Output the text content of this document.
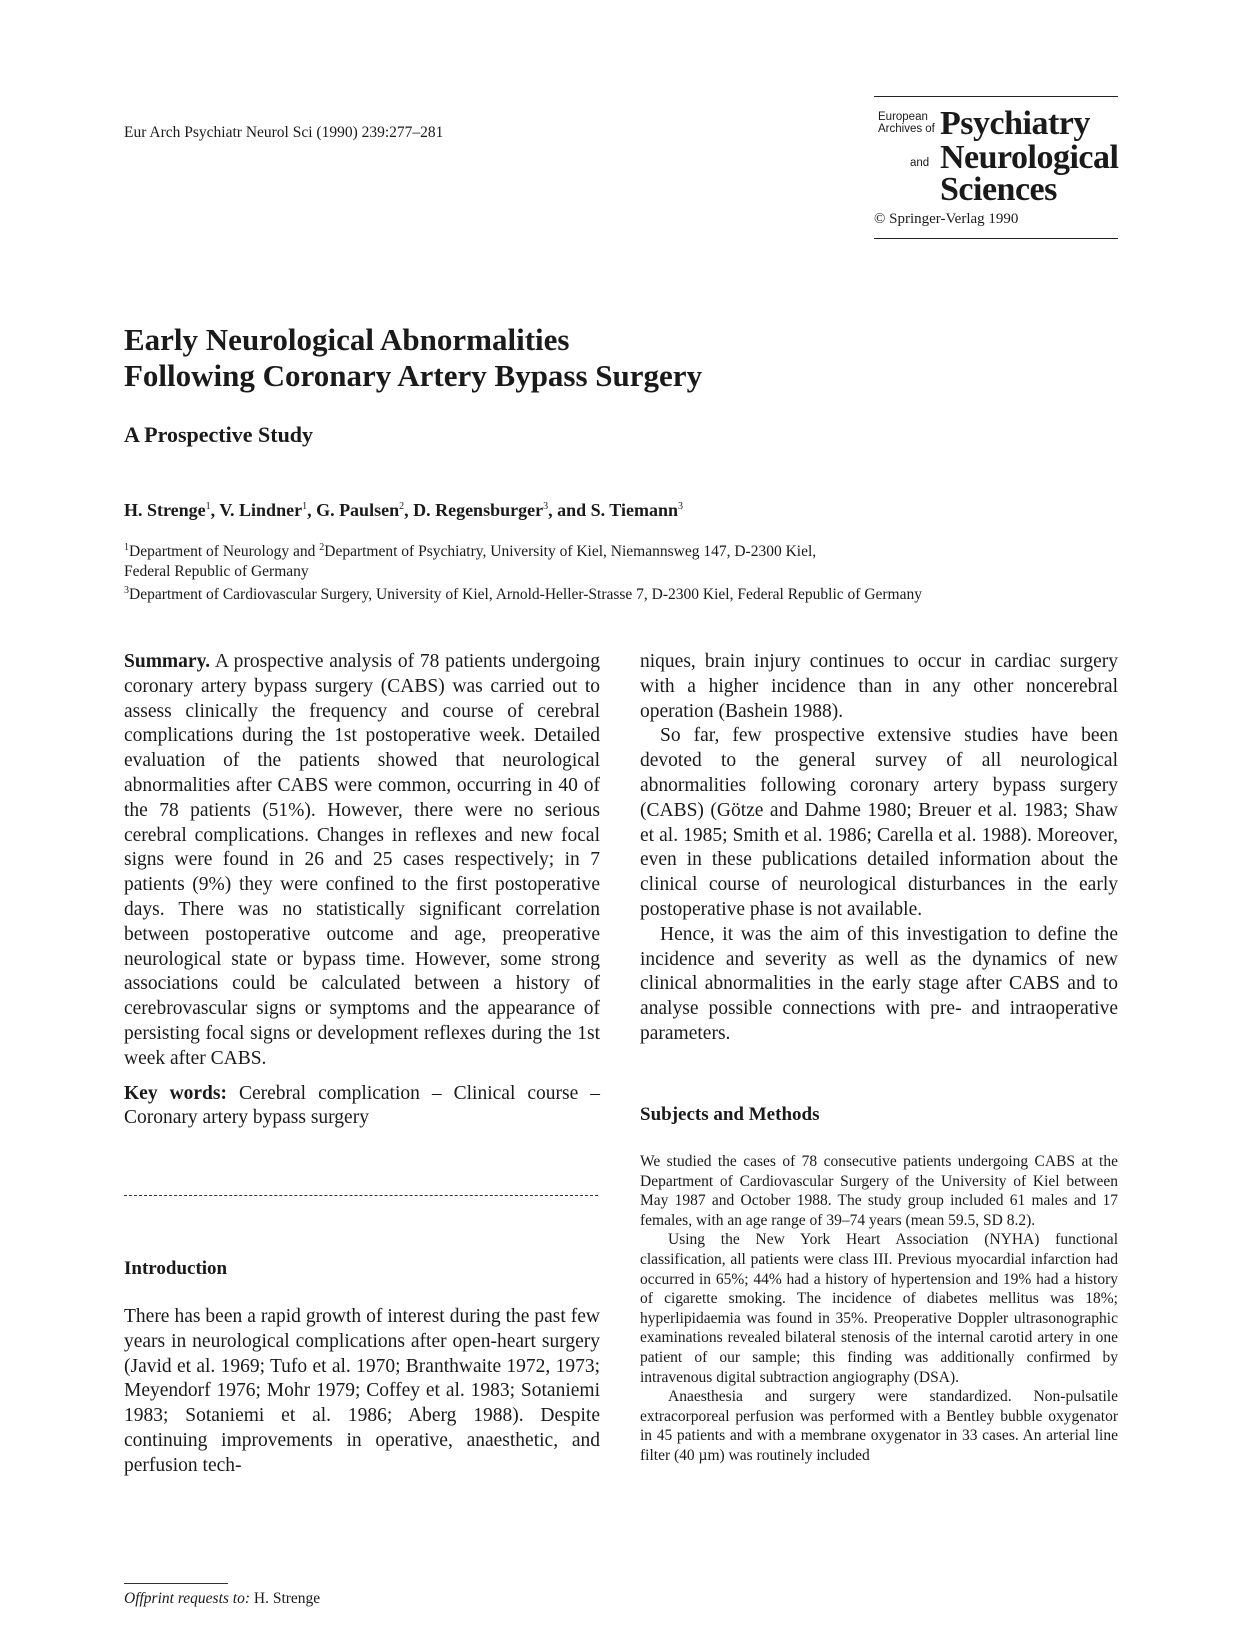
Eur Arch Psychiatr Neurol Sci (1990) 239:277–281
European
Archives of Psychiatry
and Neurological
Sciences
© Springer-Verlag 1990
Early Neurological Abnormalities
Following Coronary Artery Bypass Surgery
A Prospective Study
H. Strenge$^1$, V. Lindner$^1$, G. Paulsen$^2$, D. Regensburger$^3$, and S. Tiemann$^3$
$^1$Department of Neurology and $^2$Department of Psychiatry, University of Kiel, Niemannsweg 147, D-2300 Kiel,
Federal Republic of Germany
$^3$Department of Cardiovascular Surgery, University of Kiel, Arnold-Heller-Strasse 7, D-2300 Kiel, Federal Republic of Germany

Summary. A prospective analysis of 78 patients undergoing coronary artery bypass surgery (CABS) was carried out to assess clinically the frequency and course of cerebral complications during the 1st postoperative week. Detailed evaluation of the patients showed that neurological abnormalities after CABS were common, occurring in 40 of the 78 patients (51%). However, there were no serious cerebral complications. Changes in reflexes and new focal signs were found in 26 and 25 cases respectively; in 7 patients (9%) they were confined to the first postoperative days. There was no statistically significant correlation between postoperative outcome and age, preoperative neurological state or bypass time. However, some strong associations could be calculated between a history of cerebrovascular signs or symptoms and the appearance of persisting focal signs or development reflexes during the 1st week after CABS.

Key words: Cerebral complication – Clinical course – Coronary artery bypass surgery

Introduction

There has been a rapid growth of interest during the past few years in neurological complications after open-heart surgery (Javid et al. 1969; Tufo et al. 1970; Branthwaite 1972, 1973; Meyendorf 1976; Mohr 1979; Coffey et al. 1983; Sotaniemi 1983; Sotaniemi et al. 1986; Aberg 1988). Despite continuing improvements in operative, anaesthetic, and perfusion tech-

niques, brain injury continues to occur in cardiac surgery with a higher incidence than in any other noncerebral operation (Bashein 1988).

So far, few prospective extensive studies have been devoted to the general survey of all neurological abnormalities following coronary artery bypass surgery (CABS) (Götze and Dahme 1980; Breuer et al. 1983; Shaw et al. 1985; Smith et al. 1986; Carella et al. 1988). Moreover, even in these publications detailed information about the clinical course of neurological disturbances in the early postoperative phase is not available.

Hence, it was the aim of this investigation to define the incidence and severity as well as the dynamics of new clinical abnormalities in the early stage after CABS and to analyse possible connections with pre- and intraoperative parameters.

Subjects and Methods

We studied the cases of 78 consecutive patients undergoing CABS at the Department of Cardiovascular Surgery of the University of Kiel between May 1987 and October 1988. The study group included 61 males and 17 females, with an age range of 39–74 years (mean 59.5, SD 8.2).

Using the New York Heart Association (NYHA) functional classification, all patients were class III. Previous myocardial infarction had occurred in 65%; 44% had a history of hypertension and 19% had a history of cigarette smoking. The incidence of diabetes mellitus was 18%; hyperlipidaemia was found in 35%. Preoperative Doppler ultrasonographic examinations revealed bilateral stenosis of the internal carotid artery in one patient of our sample; this finding was additionally confirmed by intravenous digital subtraction angiography (DSA).

Anaesthesia and surgery were standardized. Non-pulsatile extracorporeal perfusion was performed with a Bentley bubble oxygenator in 45 patients and with a membrane oxygenator in 33 cases. An arterial line filter (40 µm) was routinely included

Offprint requests to: H. Strenge
